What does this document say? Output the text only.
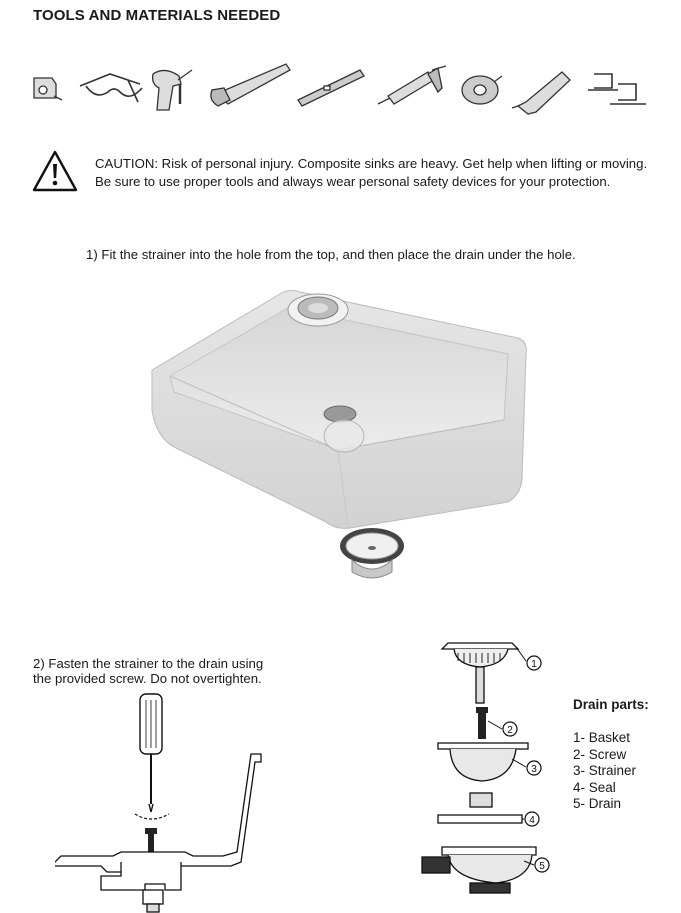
TOOLS AND MATERIALS NEEDED
CAUTION: Risk of personal injury. Composite sinks are heavy. Get help when lifting or moving.
Be sure to use proper tools and always wear personal safety devices for your protection.
1) Fit the strainer into the hole from the top, and then place the drain under the hole.
2) Fasten the strainer to the drain using
the provided screw. Do not overtighten.
1
2
3
4
5
Drain parts:
1- Basket
2- Screw
3- Strainer
4- Seal
5- Drain
